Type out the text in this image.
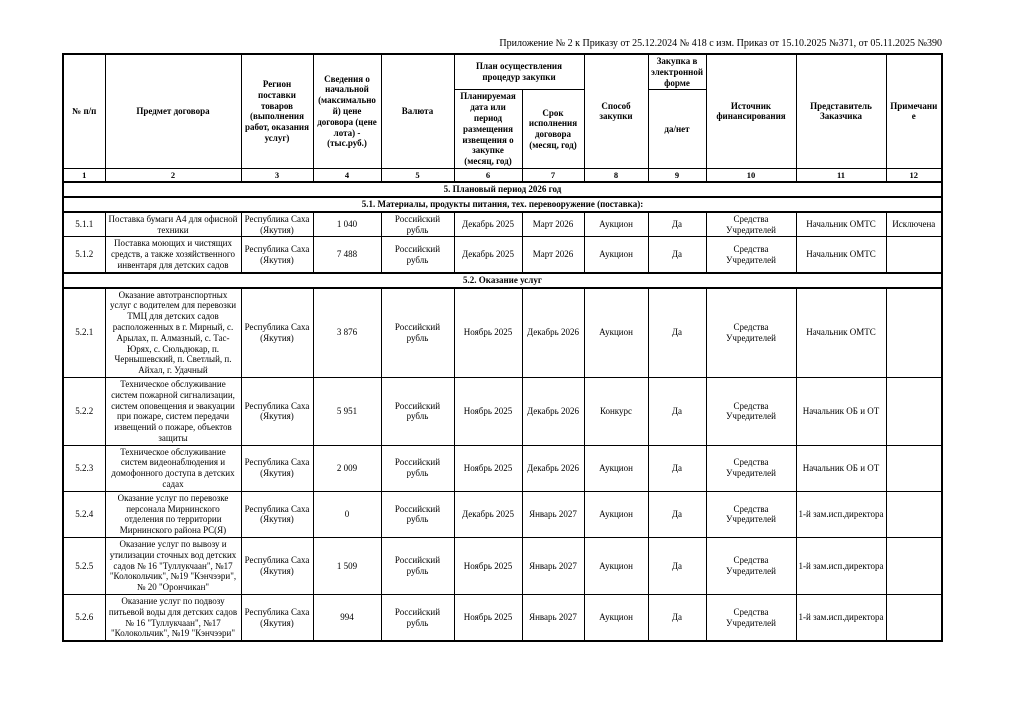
Приложение № 2 к Приказу от 25.12.2024 № 418 с изм. Приказ от 15.10.2025 №371, от 05.11.2025 №390
№ п/п	Предмет договора	Регион поставки товаров (выполнения работ, оказания услуг)	Сведения о начальной (максимальной) цене договора (цене лота) - (тыс.руб.)	Валюта	План осуществления процедур закупки		Способ закупки	Закупка в электронной форме	Источник финансирования	Представитель Заказчика	Примечание
					Планируемая дата или период размещения извещения о закупке (месяц, год)	Срок исполнения договора (месяц, год)		да/нет			
1	2	3	4	5	6	7	8	9	10	11	12
5. Плановый период 2026 год											
5.1. Материалы, продукты питания, тех. перевооружение (поставка):											
5.1.1	Поставка бумаги А4 для офисной техники	Республика Саха (Якутия)	1 040	Российский рубль	Декабрь 2025	Март 2026	Аукцион	Да	Средства Учредителей	Начальник ОМТС	Исключена
5.1.2	Поставка моющих и чистящих средств, а также хозяйственного инвентаря для детских садов	Республика Саха (Якутия)	7 488	Российский рубль	Декабрь 2025	Март 2026	Аукцион	Да	Средства Учредителей	Начальник ОМТС	
5.2. Оказание услуг											
5.2.1	Оказание автотранспортных услуг с водителем для перевозки ТМЦ для детских садов расположенных в г. Мирный, с. Арылах, п. Алмазный, с. Тас-Юрях, с. Сюльдюкар, п. Чернышевский, п. Светлый, п. Айхал, г. Удачный	Республика Саха (Якутия)	3 876	Российский рубль	Ноябрь 2025	Декабрь 2026	Аукцион	Да	Средства Учредителей	Начальник ОМТС	
5.2.2	Техническое обслуживание систем пожарной сигнализации, систем оповещения и эвакуации при пожаре, систем передачи извещений о пожаре, объектов защиты	Республика Саха (Якутия)	5 951	Российский рубль	Ноябрь 2025	Декабрь 2026	Конкурс	Да	Средства Учредителей	Начальник ОБ и ОТ	
5.2.3	Техническое обслуживание систем видеонаблюдения и домофонного доступа в детских садах	Республика Саха (Якутия)	2 009	Российский рубль	Ноябрь 2025	Декабрь 2026	Аукцион	Да	Средства Учредителей	Начальник ОБ и ОТ	
5.2.4	Оказание услуг по перевозке персонала Мирнинского отделения по территории Мирнинского района РС(Я)	Республика Саха (Якутия)	0	Российский рубль	Декабрь 2025	Январь 2027	Аукцион	Да	Средства Учредителей	1-й зам.исп.директора	
5.2.5	Оказание услуг по вывозу и утилизации сточных вод детских садов № 16 "Туллукчаан", №17 "Колокольчик", №19 "Кэнчээри", № 20 "Орончикан"	Республика Саха (Якутия)	1 509	Российский рубль	Ноябрь 2025	Январь 2027	Аукцион	Да	Средства Учредителей	1-й зам.исп.директора	
5.2.6	Оказание услуг по подвозу питьевой воды для детских садов № 16 "Туллукчаан", №17 "Колокольчик", №19 "Кэнчээри"	Республика Саха (Якутия)	994	Российский рубль	Ноябрь 2025	Январь 2027	Аукцион	Да	Средства Учредителей	1-й зам.исп.директора	
